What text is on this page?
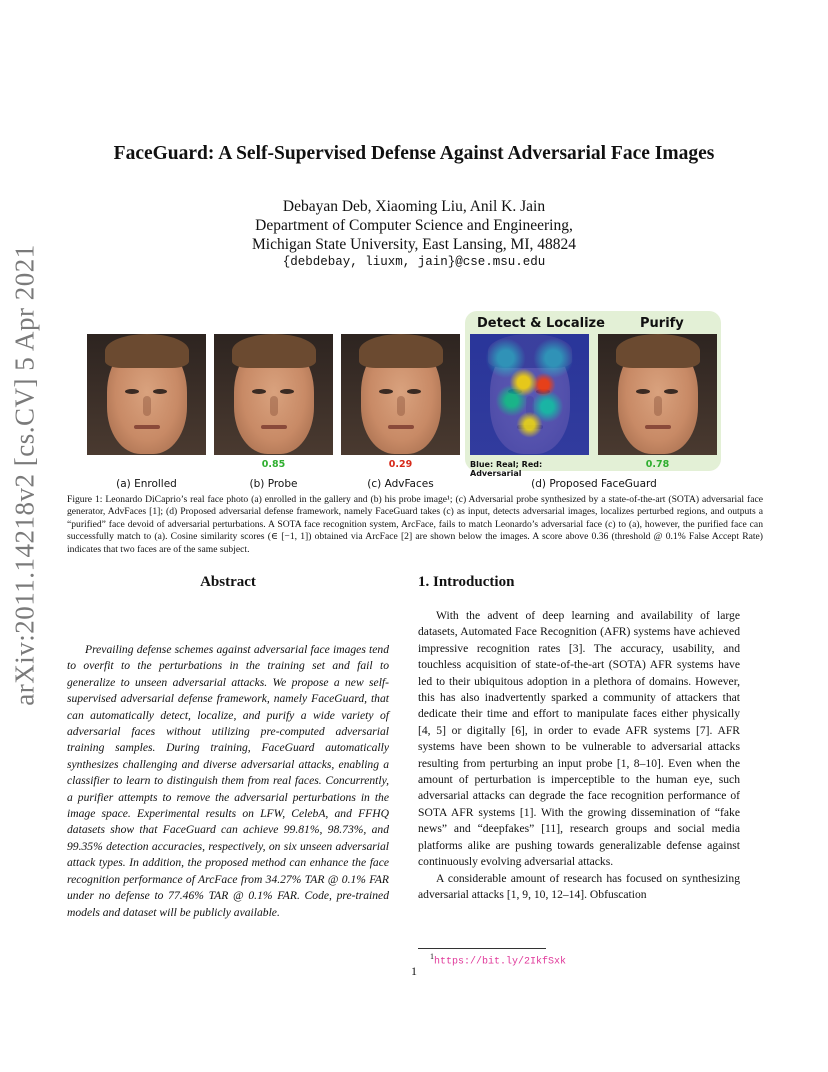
arXiv:2011.14218v2 [cs.CV] 5 Apr 2021
FaceGuard: A Self-Supervised Defense Against Adversarial Face Images
Debayan Deb, Xiaoming Liu, Anil K. Jain
Department of Computer Science and Engineering,
Michigan State University, East Lansing, MI, 48824
{debdebay, liuxm, jain}@cse.msu.edu
Detect & Localize	Purify
0.85	0.29	Blue: Real; Red: Adversarial
0.78
(a) Enrolled	(b) Probe	(c) AdvFaces	(d) Proposed FaceGuard
Figure 1: Leonardo DiCaprio’s real face photo (a) enrolled in the gallery and (b) his probe image¹; (c) Adversarial probe synthesized by a state-of-the-art (SOTA) adversarial face generator, AdvFaces [1]; (d) Proposed adversarial defense framework, namely FaceGuard takes (c) as input, detects adversarial images, localizes perturbed regions, and outputs a “purified” face devoid of adversarial perturbations. A SOTA face recognition system, ArcFace, fails to match Leonardo’s adversarial face (c) to (a), however, the purified face can successfully match to (a). Cosine similarity scores (∈ [−1, 1]) obtained via ArcFace [2] are shown below the images. A score above 0.36 (threshold @ 0.1% False Accept Rate) indicates that two faces are of the same subject.
Abstract	1. Introduction
Prevailing defense schemes against adversarial face images tend to overfit to the perturbations in the training set and fail to generalize to unseen adversarial attacks. We propose a new self-supervised adversarial defense framework, namely FaceGuard, that can automatically detect, localize, and purify a wide variety of adversarial faces without utilizing pre-computed adversarial training samples. During training, FaceGuard automatically synthesizes challenging and diverse adversarial attacks, enabling a classifier to learn to distinguish them from real faces. Concurrently, a purifier attempts to remove the adversarial perturbations in the image space. Experimental results on LFW, CelebA, and FFHQ datasets show that FaceGuard can achieve 99.81%, 98.73%, and 99.35% detection accuracies, respectively, on six unseen adversarial attack types. In addition, the proposed method can enhance the face recognition performance of ArcFace from 34.27% TAR @ 0.1% FAR under no defense to 77.46% TAR @ 0.1% FAR. Code, pre-trained models and dataset will be publicly available.

With the advent of deep learning and availability of large datasets, Automated Face Recognition (AFR) systems have achieved impressive recognition rates [3]. The accuracy, usability, and touchless acquisition of state-of-the-art (SOTA) AFR systems have led to their ubiquitous adoption in a plethora of domains. However, this has also inadvertently sparked a community of attackers that dedicate their time and effort to manipulate faces either physically [4, 5] or digitally [6], in order to evade AFR systems [7]. AFR systems have been shown to be vulnerable to adversarial attacks resulting from perturbing an input probe [1, 8–10]. Even when the amount of perturbation is imperceptible to the human eye, such adversarial attacks can degrade the face recognition performance of SOTA AFR systems [1]. With the growing dissemination of “fake news” and “deepfakes” [11], research groups and social media platforms alike are pushing towards generalizable defense against continuously evolving adversarial attacks.

A considerable amount of research has focused on synthesizing adversarial attacks [1, 9, 10, 12–14]. Obfuscation

$^1$https://bit.ly/2IkfSxk
1
